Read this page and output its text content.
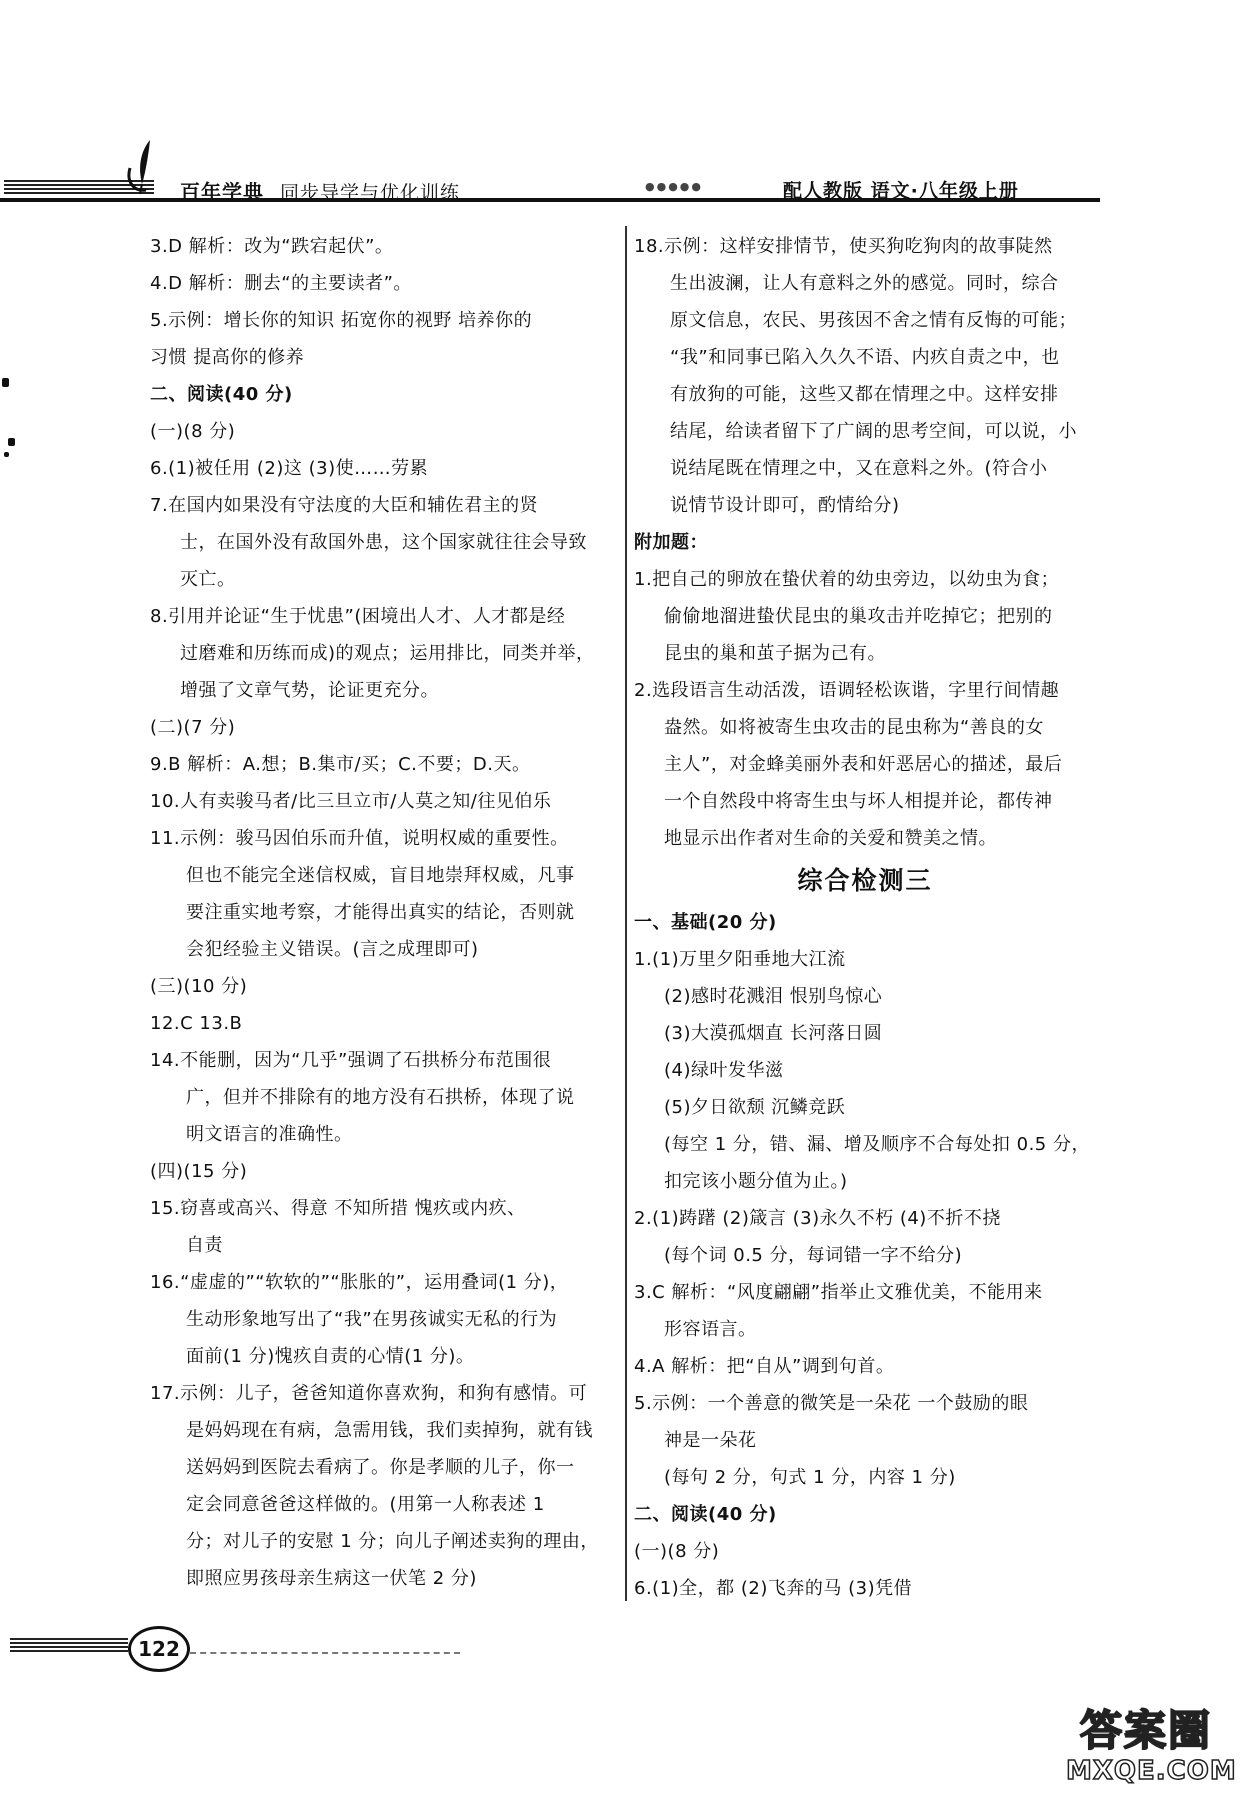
百年学典 同步导学与优化训练	●●●●●	配人教版 语文·八年级上册
3.D 解析：改为“跌宕起伏”。
4.D 解析：删去“的主要读者”。
5.示例：增长你的知识 拓宽你的视野 培养你的
习惯 提高你的修养
二、阅读(40 分)
(一)(8 分)
6.(1)被任用 (2)这 (3)使……劳累
7.在国内如果没有守法度的大臣和辅佐君主的贤
士，在国外没有敌国外患，这个国家就往往会导致
灭亡。
8.引用并论证“生于忧患”(困境出人才、人才都是经
过磨难和历练而成)的观点；运用排比，同类并举，
增强了文章气势，论证更充分。
(二)(7 分)
9.B 解析：A.想；B.集市/买；C.不要；D.天。
10.人有卖骏马者/比三旦立市/人莫之知/往见伯乐
11.示例：骏马因伯乐而升值，说明权威的重要性。
但也不能完全迷信权威，盲目地崇拜权威，凡事
要注重实地考察，才能得出真实的结论，否则就
会犯经验主义错误。(言之成理即可)
(三)(10 分)
12.C 13.B
14.不能删，因为“几乎”强调了石拱桥分布范围很
广，但并不排除有的地方没有石拱桥，体现了说
明文语言的准确性。
(四)(15 分)
15.窃喜或高兴、得意 不知所措 愧疚或内疚、
自责
16.“虚虚的”“软软的”“胀胀的”，运用叠词(1 分)，
生动形象地写出了“我”在男孩诚实无私的行为
面前(1 分)愧疚自责的心情(1 分)。
17.示例：儿子，爸爸知道你喜欢狗，和狗有感情。可
是妈妈现在有病，急需用钱，我们卖掉狗，就有钱
送妈妈到医院去看病了。你是孝顺的儿子，你一
定会同意爸爸这样做的。(用第一人称表述 1
分；对儿子的安慰 1 分；向儿子阐述卖狗的理由，
即照应男孩母亲生病这一伏笔 2 分)
18.示例：这样安排情节，使买狗吃狗肉的故事陡然
生出波澜，让人有意料之外的感觉。同时，综合
原文信息，农民、男孩因不舍之情有反悔的可能；
“我”和同事已陷入久久不语、内疚自责之中，也
有放狗的可能，这些又都在情理之中。这样安排
结尾，给读者留下了广阔的思考空间，可以说，小
说结尾既在情理之中，又在意料之外。(符合小
说情节设计即可，酌情给分)
附加题：
1.把自己的卵放在蛰伏着的幼虫旁边，以幼虫为食；
偷偷地溜进蛰伏昆虫的巢攻击并吃掉它；把别的
昆虫的巢和茧子据为己有。
2.选段语言生动活泼，语调轻松诙谐，字里行间情趣
盎然。如将被寄生虫攻击的昆虫称为“善良的女
主人”，对金蜂美丽外表和奸恶居心的描述，最后
一个自然段中将寄生虫与坏人相提并论，都传神
地显示出作者对生命的关爱和赞美之情。
综合检测三
一、基础(20 分)
1.(1)万里夕阳垂地大江流
(2)感时花溅泪 恨别鸟惊心
(3)大漠孤烟直 长河落日圆
(4)绿叶发华滋
(5)夕日欲颓 沉鳞竞跃
(每空 1 分，错、漏、增及顺序不合每处扣 0.5 分，
扣完该小题分值为止。)
2.(1)踌躇 (2)箴言 (3)永久不朽 (4)不折不挠
(每个词 0.5 分，每词错一字不给分)
3.C 解析：“风度翩翩”指举止文雅优美，不能用来
形容语言。
4.A 解析：把“自从”调到句首。
5.示例：一个善意的微笑是一朵花 一个鼓励的眼
神是一朵花
(每句 2 分，句式 1 分，内容 1 分)
二、阅读(40 分)
(一)(8 分)
6.(1)全，都 (2)飞奔的马 (3)凭借
122
答案圈
MXQE.COM
